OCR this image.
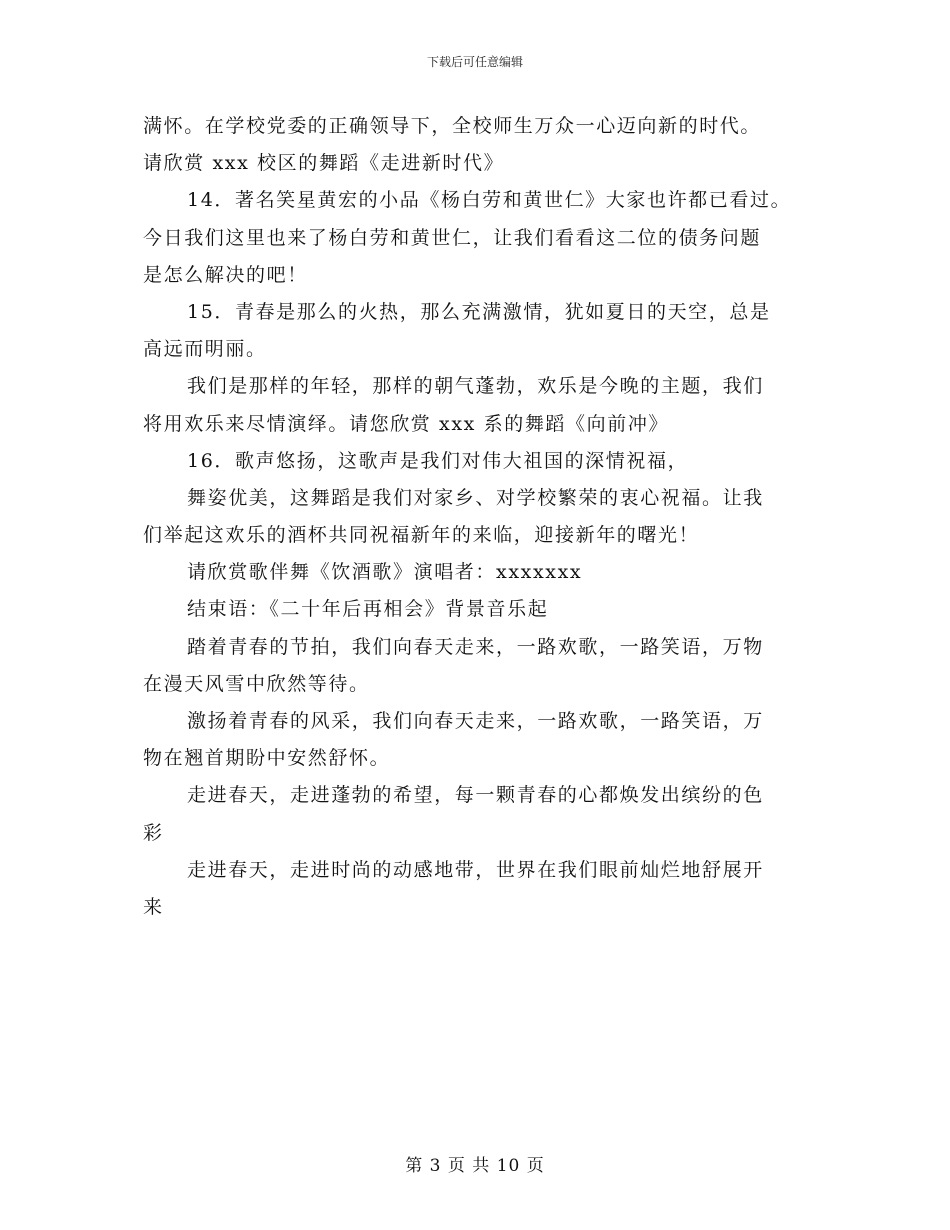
下载后可任意编辑
满怀。在学校党委的正确领导下，全校师生万众一心迈向新的时代。
请欣赏 xxx 校区的舞蹈《走进新时代》
14．著名笑星黄宏的小品《杨白劳和黄世仁》大家也许都已看过。
今日我们这里也来了杨白劳和黄世仁，让我们看看这二位的债务问题
是怎么解决的吧！
15．青春是那么的火热，那么充满激情，犹如夏日的天空，总是
高远而明丽。
我们是那样的年轻，那样的朝气蓬勃，欢乐是今晚的主题，我们
将用欢乐来尽情演绎。请您欣赏 xxx 系的舞蹈《向前冲》
16．歌声悠扬，这歌声是我们对伟大祖国的深情祝福，
舞姿优美，这舞蹈是我们对家乡、对学校繁荣的衷心祝福。让我
们举起这欢乐的酒杯共同祝福新年的来临，迎接新年的曙光！
请欣赏歌伴舞《饮酒歌》演唱者：xxxxxxx
结束语：《二十年后再相会》背景音乐起
踏着青春的节拍，我们向春天走来，一路欢歌，一路笑语，万物
在漫天风雪中欣然等待。
激扬着青春的风采，我们向春天走来，一路欢歌，一路笑语，万
物在翘首期盼中安然舒怀。
走进春天，走进蓬勃的希望，每一颗青春的心都焕发出缤纷的色
彩
走进春天，走进时尚的动感地带，世界在我们眼前灿烂地舒展开
来
第 3 页 共 10 页
